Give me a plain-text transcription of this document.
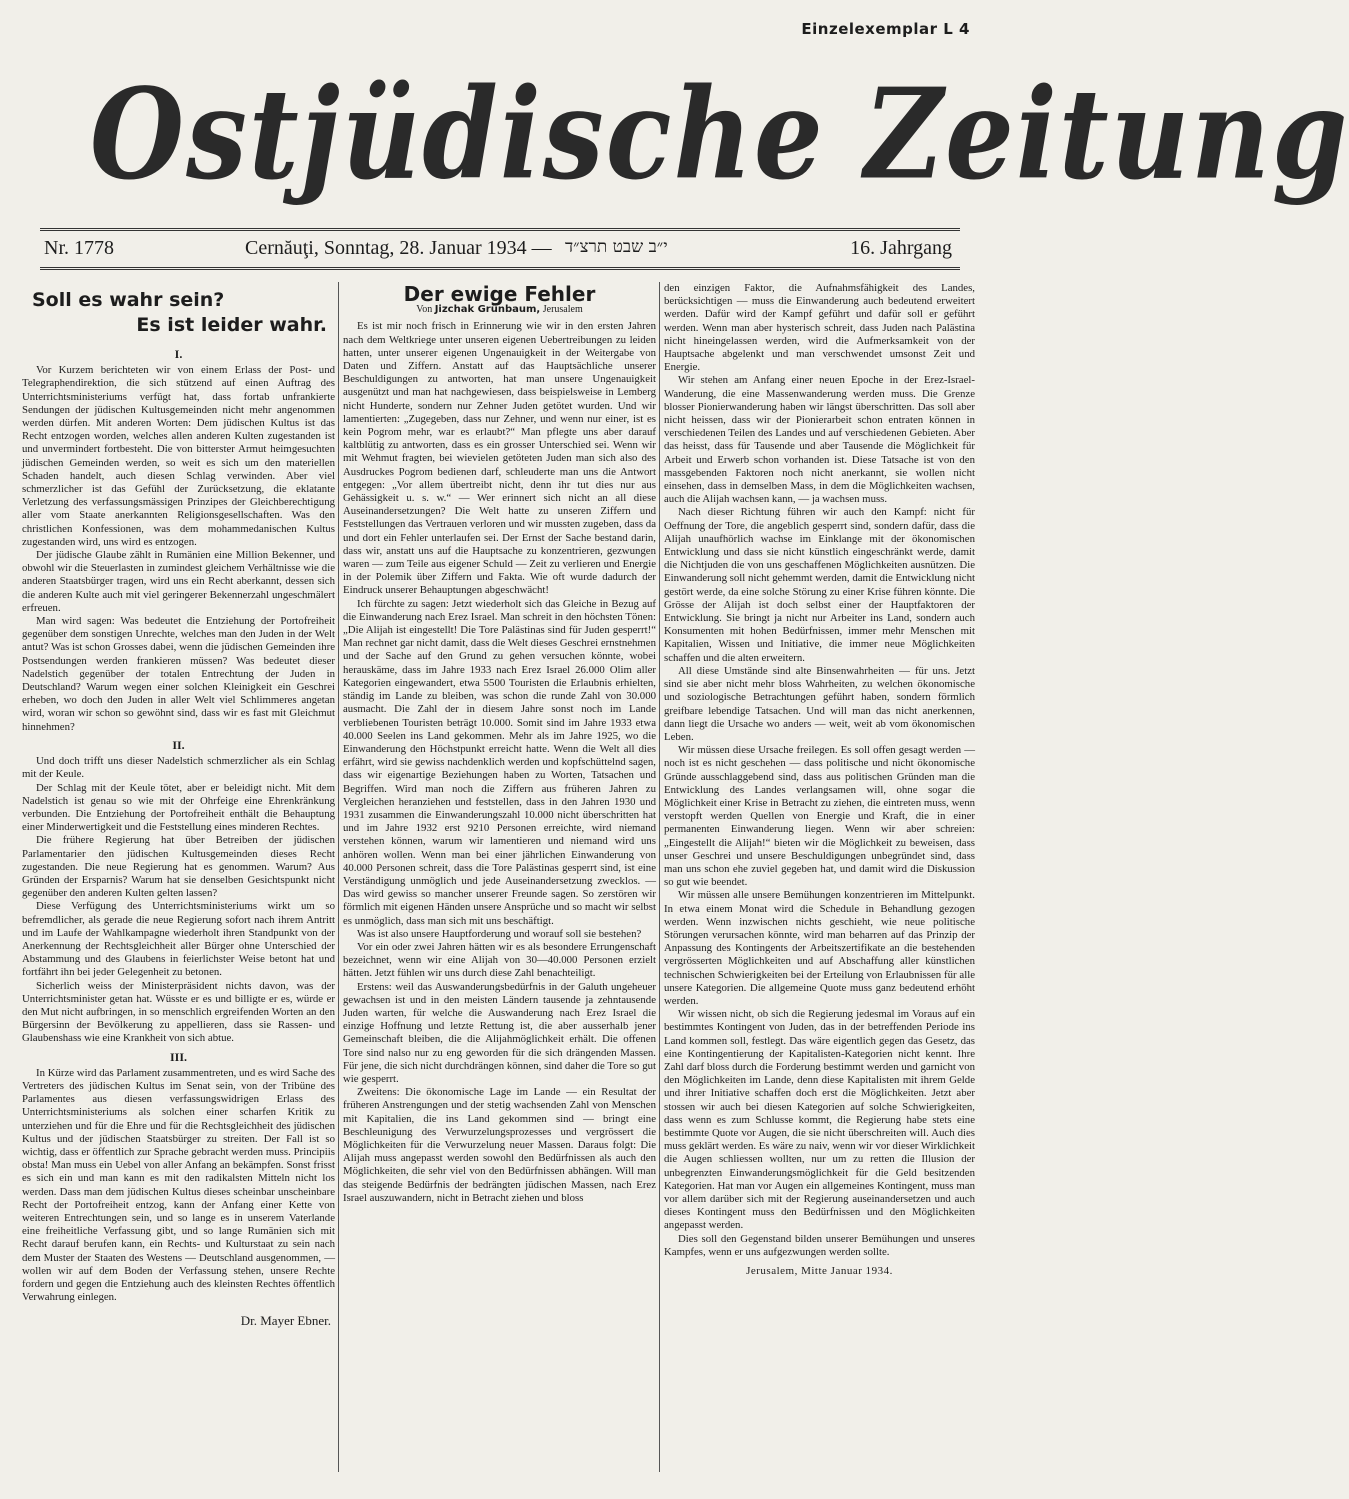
Einzelexemplar L 4
Ostjüdische Zeitung
Nr. 1778	Cernăuţi, Sonntag, 28. Januar 1934 — י״ב שבט תרצ״ד	16. Jahrgang
Soll es wahr sein?
Es ist leider wahr.
I.

Vor Kurzem berichteten wir von einem Erlass der Post- und Telegraphendirektion, die sich stützend auf einen Auftrag des Unterrichtsministeriums verfügt hat, dass fortab unfrankierte Sendungen der jüdischen Kultusgemeinden nicht mehr angenommen werden dürfen. Mit anderen Worten: Dem jüdischen Kultus ist das Recht entzogen worden, welches allen anderen Kulten zugestanden ist und unvermindert fortbesteht. Die von bitterster Armut heimgesuchten jüdischen Gemeinden werden, so weit es sich um den materiellen Schaden handelt, auch diesen Schlag verwinden. Aber viel schmerzlicher ist das Gefühl der Zurücksetzung, die eklatante Verletzung des verfassungsmässigen Prinzipes der Gleichberechtigung aller vom Staate anerkannten Religionsgesellschaften. Was den christlichen Konfessionen, was dem mohammedanischen Kultus zugestanden wird, uns wird es entzogen.

Der jüdische Glaube zählt in Rumänien eine Million Bekenner, und obwohl wir die Steuerlasten in zumindest gleichem Verhältnisse wie die anderen Staatsbürger tragen, wird uns ein Recht aberkannt, dessen sich die anderen Kulte auch mit viel geringerer Bekennerzahl ungeschmälert erfreuen.

Man wird sagen: Was bedeutet die Entziehung der Portofreiheit gegenüber dem sonstigen Unrechte, welches man den Juden in der Welt antut? Was ist schon Grosses dabei, wenn die jüdischen Gemeinden ihre Postsendungen werden frankieren müssen? Was bedeutet dieser Nadelstich gegenüber der totalen Entrechtung der Juden in Deutschland? Warum wegen einer solchen Kleinigkeit ein Geschrei erheben, wo doch den Juden in aller Welt viel Schlimmeres angetan wird, woran wir schon so gewöhnt sind, dass wir es fast mit Gleichmut hinnehmen?

II.

Und doch trifft uns dieser Nadelstich schmerzlicher als ein Schlag mit der Keule.

Der Schlag mit der Keule tötet, aber er beleidigt nicht. Mit dem Nadelstich ist genau so wie mit der Ohrfeige eine Ehrenkränkung verbunden. Die Entziehung der Portofreiheit enthält die Behauptung einer Minderwertigkeit und die Feststellung eines minderen Rechtes.

Die frühere Regierung hat über Betreiben der jüdischen Parlamentarier den jüdischen Kultusgemeinden dieses Recht zugestanden. Die neue Regierung hat es genommen. Warum? Aus Gründen der Ersparnis? Warum hat sie denselben Gesichtspunkt nicht gegenüber den anderen Kulten gelten lassen?

Diese Verfügung des Unterrichtsministeriums wirkt um so befremdlicher, als gerade die neue Regierung sofort nach ihrem Antritt und im Laufe der Wahlkampagne wiederholt ihren Standpunkt von der Anerkennung der Rechtsgleichheit aller Bürger ohne Unterschied der Abstammung und des Glaubens in feierlichster Weise betont hat und fortfährt ihn bei jeder Gelegenheit zu betonen.

Sicherlich weiss der Ministerpräsident nichts davon, was der Unterrichtsminister getan hat. Wüsste er es und billigte er es, würde er den Mut nicht aufbringen, in so menschlich ergreifenden Worten an den Bürgersinn der Bevölkerung zu appellieren, dass sie Rassen- und Glaubenshass wie eine Krankheit von sich abtue.

III.

In Kürze wird das Parlament zusammentreten, und es wird Sache des Vertreters des jüdischen Kultus im Senat sein, von der Tribüne des Parlamentes aus diesen verfassungswidrigen Erlass des Unterrichtsministeriums als solchen einer scharfen Kritik zu unterziehen und für die Ehre und für die Rechtsgleichheit des jüdischen Kultus und der jüdischen Staatsbürger zu streiten. Der Fall ist so wichtig, dass er öffentlich zur Sprache gebracht werden muss. Principiis obsta! Man muss ein Uebel von aller Anfang an bekämpfen. Sonst frisst es sich ein und man kann es mit den radikalsten Mitteln nicht los werden. Dass man dem jüdischen Kultus dieses scheinbar unscheinbare Recht der Portofreiheit entzog, kann der Anfang einer Kette von weiteren Entrechtungen sein, und so lange es in unserem Vaterlande eine freiheitliche Verfassung gibt, und so lange Rumänien sich mit Recht darauf berufen kann, ein Rechts- und Kulturstaat zu sein nach dem Muster der Staaten des Westens — Deutschland ausgenommen, — wollen wir auf dem Boden der Verfassung stehen, unsere Rechte fordern und gegen die Entziehung auch des kleinsten Rechtes öffentlich Verwahrung einlegen.

Dr. Mayer Ebner.
Der ewige Fehler
Von Jizchak Grünbaum, Jerusalem

Es ist mir noch frisch in Erinnerung wie wir in den ersten Jahren nach dem Weltkriege unter unseren eigenen Uebertreibungen zu leiden hatten, unter unserer eigenen Ungenauigkeit in der Weitergabe von Daten und Ziffern. Anstatt auf das Hauptsächliche unserer Beschuldigungen zu antworten, hat man unsere Ungenauigkeit ausgenützt und man hat nachgewiesen, dass beispielsweise in Lemberg nicht Hunderte, sondern nur Zehner Juden getötet wurden. Und wir lamentierten: „Zugegeben, dass nur Zehner, und wenn nur einer, ist es kein Pogrom mehr, war es erlaubt?“ Man pflegte uns aber darauf kaltblütig zu antworten, dass es ein grosser Unterschied sei. Wenn wir mit Wehmut fragten, bei wievielen getöteten Juden man sich also des Ausdruckes Pogrom bedienen darf, schleuderte man uns die Antwort entgegen: „Vor allem übertreibt nicht, denn ihr tut dies nur aus Gehässigkeit u. s. w.“ — Wer erinnert sich nicht an all diese Auseinandersetzungen? Die Welt hatte zu unseren Ziffern und Feststellungen das Vertrauen verloren und wir mussten zugeben, dass da und dort ein Fehler unterlaufen sei. Der Ernst der Sache bestand darin, dass wir, anstatt uns auf die Hauptsache zu konzentrieren, gezwungen waren — zum Teile aus eigener Schuld — Zeit zu verlieren und Energie in der Polemik über Ziffern und Fakta. Wie oft wurde dadurch der Eindruck unserer Behauptungen abgeschwächt!

Ich fürchte zu sagen: Jetzt wiederholt sich das Gleiche in Bezug auf die Einwanderung nach Erez Israel. Man schreit in den höchsten Tönen: „Die Alijah ist eingestellt! Die Tore Palästinas sind für Juden gesperrt!“ Man rechnet gar nicht damit, dass die Welt dieses Geschrei ernstnehmen und der Sache auf den Grund zu gehen versuchen könnte, wobei herauskäme, dass im Jahre 1933 nach Erez Israel 26.000 Olim aller Kategorien eingewandert, etwa 5500 Touristen die Erlaubnis erhielten, ständig im Lande zu bleiben, was schon die runde Zahl von 30.000 ausmacht. Die Zahl der in diesem Jahre sonst noch im Lande verbliebenen Touristen beträgt 10.000. Somit sind im Jahre 1933 etwa 40.000 Seelen ins Land gekommen. Mehr als im Jahre 1925, wo die Einwanderung den Höchstpunkt erreicht hatte. Wenn die Welt all dies erfährt, wird sie gewiss nachdenklich werden und kopfschüttelnd sagen, dass wir eigenartige Beziehungen haben zu Worten, Tatsachen und Begriffen. Wird man noch die Ziffern aus früheren Jahren zu Vergleichen heranziehen und feststellen, dass in den Jahren 1930 und 1931 zusammen die Einwanderungszahl 10.000 nicht überschritten hat und im Jahre 1932 erst 9210 Personen erreichte, wird niemand verstehen können, warum wir lamentieren und niemand wird uns anhören wollen. Wenn man bei einer jährlichen Einwanderung von 40.000 Personen schreit, dass die Tore Palästinas gesperrt sind, ist eine Verständigung unmöglich und jede Auseinandersetzung zwecklos. — Das wird gewiss so mancher unserer Freunde sagen. So zerstören wir förmlich mit eigenen Händen unsere Ansprüche und so macht wir selbst es unmöglich, dass man sich mit uns beschäftigt.

Was ist also unsere Hauptforderung und worauf soll sie bestehen?

Vor ein oder zwei Jahren hätten wir es als besondere Errungenschaft bezeichnet, wenn wir eine Alijah von 30—40.000 Personen erzielt hätten. Jetzt fühlen wir uns durch diese Zahl benachteiligt.

Erstens: weil das Auswanderungsbedürfnis in der Galuth ungeheuer gewachsen ist und in den meisten Ländern tausende ja zehntausende Juden warten, für welche die Auswanderung nach Erez Israel die einzige Hoffnung und letzte Rettung ist, die aber ausserhalb jener Gemeinschaft bleiben, die die Alijahmöglichkeit erhält. Die offenen Tore sind nalso nur zu eng geworden für die sich drängenden Massen. Für jene, die sich nicht durchdrängen können, sind daher die Tore so gut wie gesperrt.

Zweitens: Die ökonomische Lage im Lande — ein Resultat der früheren Anstrengungen und der stetig wachsenden Zahl von Menschen mit Kapitalien, die ins Land gekommen sind — bringt eine Beschleunigung des Verwurzelungsprozesses und vergrössert die Möglichkeiten für die Verwurzelung neuer Massen. Daraus folgt: Die Alijah muss angepasst werden sowohl den Bedürfnissen als auch den Möglichkeiten, die sehr viel von den Bedürfnissen abhängen. Will man das steigende Bedürfnis der bedrängten jüdischen Massen, nach Erez Israel auszuwandern, nicht in Betracht ziehen und bloss

den einzigen Faktor, die Aufnahmsfähigkeit des Landes, berücksichtigen — muss die Einwanderung auch bedeutend erweitert werden. Dafür wird der Kampf geführt und dafür soll er geführt werden. Wenn man aber hysterisch schreit, dass Juden nach Palästina nicht hineingelassen werden, wird die Aufmerksamkeit von der Hauptsache abgelenkt und man verschwendet umsonst Zeit und Energie.

Wir stehen am Anfang einer neuen Epoche in der Erez-Israel-Wanderung, die eine Massenwanderung werden muss. Die Grenze blosser Pionierwanderung haben wir längst überschritten. Das soll aber nicht heissen, dass wir der Pionierarbeit schon entraten können in verschiedenen Teilen des Landes und auf verschiedenen Gebieten. Aber das heisst, dass für Tausende und aber Tausende die Möglichkeit für Arbeit und Erwerb schon vorhanden ist. Diese Tatsache ist von den massgebenden Faktoren noch nicht anerkannt, sie wollen nicht einsehen, dass in demselben Mass, in dem die Möglichkeiten wachsen, auch die Alijah wachsen kann, — ja wachsen muss.

Nach dieser Richtung führen wir auch den Kampf: nicht für Oeffnung der Tore, die angeblich gesperrt sind, sondern dafür, dass die Alijah unaufhörlich wachse im Einklange mit der ökonomischen Entwicklung und dass sie nicht künstlich eingeschränkt werde, damit die Nichtjuden die von uns geschaffenen Möglichkeiten ausnützen. Die Einwanderung soll nicht gehemmt werden, damit die Entwicklung nicht gestört werde, da eine solche Störung zu einer Krise führen könnte. Die Grösse der Alijah ist doch selbst einer der Hauptfaktoren der Entwicklung. Sie bringt ja nicht nur Arbeiter ins Land, sondern auch Konsumenten mit hohen Bedürfnissen, immer mehr Menschen mit Kapitalien, Wissen und Initiative, die immer neue Möglichkeiten schaffen und die alten erweitern.

All diese Umstände sind alte Binsenwahrheiten — für uns. Jetzt sind sie aber nicht mehr bloss Wahrheiten, zu welchen ökonomische und soziologische Betrachtungen geführt haben, sondern förmlich greifbare lebendige Tatsachen. Und will man das nicht anerkennen, dann liegt die Ursache wo anders — weit, weit ab vom ökonomischen Leben.

Wir müssen diese Ursache freilegen. Es soll offen gesagt werden — noch ist es nicht geschehen — dass politische und nicht ökonomische Gründe ausschlaggebend sind, dass aus politischen Gründen man die Entwicklung des Landes verlangsamen will, ohne sogar die Möglichkeit einer Krise in Betracht zu ziehen, die eintreten muss, wenn verstopft werden Quellen von Energie und Kraft, die in einer permanenten Einwanderung liegen. Wenn wir aber schreien: „Eingestellt die Alijah!“ bieten wir die Möglichkeit zu beweisen, dass unser Geschrei und unsere Beschuldigungen unbegründet sind, dass man uns schon ehe zuviel gegeben hat, und damit wird die Diskussion so gut wie beendet.

Wir müssen alle unsere Bemühungen konzentrieren im Mittelpunkt. In etwa einem Monat wird die Schedule in Behandlung gezogen werden. Wenn inzwischen nichts geschieht, wie neue politische Störungen verursachen könnte, wird man beharren auf das Prinzip der Anpassung des Kontingents der Arbeitszertifikate an die bestehenden vergrösserten Möglichkeiten und auf Abschaffung aller künstlichen technischen Schwierigkeiten bei der Erteilung von Erlaubnissen für alle unsere Kategorien. Die allgemeine Quote muss ganz bedeutend erhöht werden.

Wir wissen nicht, ob sich die Regierung jedesmal im Voraus auf ein bestimmtes Kontingent von Juden, das in der betreffenden Periode ins Land kommen soll, festlegt. Das wäre eigentlich gegen das Gesetz, das eine Kontingentierung der Kapitalisten-Kategorien nicht kennt. Ihre Zahl darf bloss durch die Forderung bestimmt werden und garnicht von den Möglichkeiten im Lande, denn diese Kapitalisten mit ihrem Gelde und ihrer Initiative schaffen doch erst die Möglichkeiten. Jetzt aber stossen wir auch bei diesen Kategorien auf solche Schwierigkeiten, dass wenn es zum Schlusse kommt, die Regierung habe stets eine bestimmte Quote vor Augen, die sie nicht überschreiten will. Auch dies muss geklärt werden. Es wäre zu naiv, wenn wir vor dieser Wirklichkeit die Augen schliessen wollten, nur um zu retten die Illusion der unbegrenzten Einwanderungsmöglichkeit für die Geld besitzenden Kategorien. Hat man vor Augen ein allgemeines Kontingent, muss man vor allem darüber sich mit der Regierung auseinandersetzen und auch dieses Kontingent muss den Bedürfnissen und den Möglichkeiten angepasst werden.

Dies soll den Gegenstand bilden unserer Bemühungen und unseres Kampfes, wenn er uns aufgezwungen werden sollte.

Jerusalem, Mitte Januar 1934.
